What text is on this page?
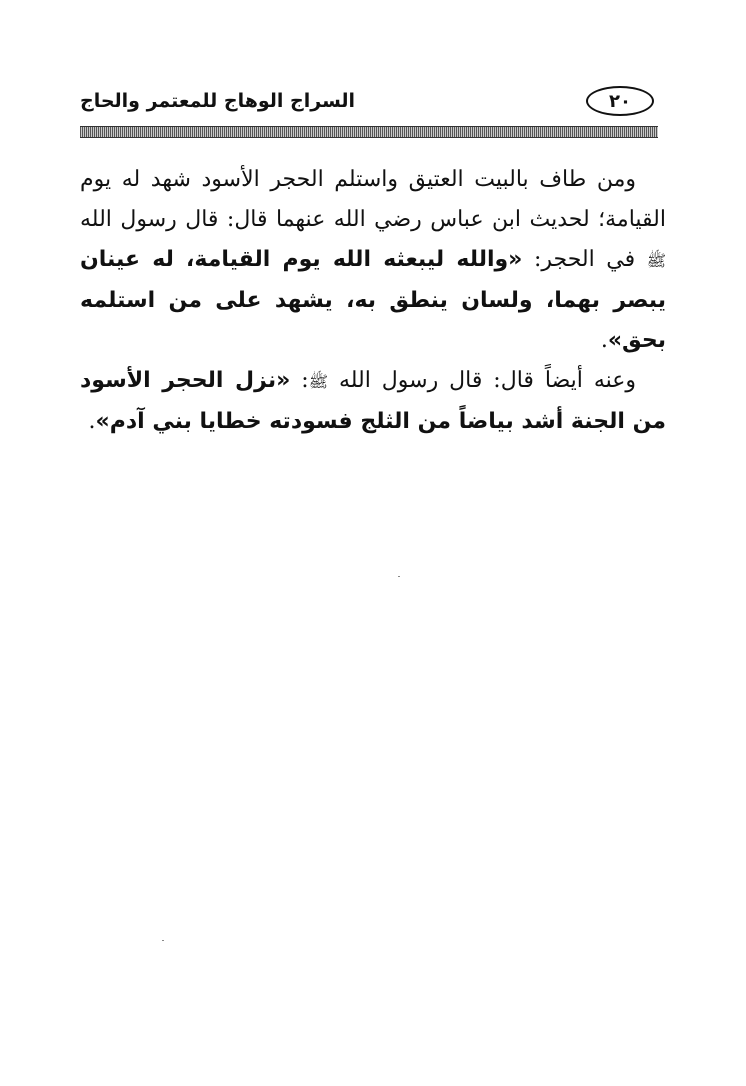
السراج الوهاج للمعتمر والحاج	٢٠

ومن طاف بالبيت العتيق واستلم الحجر الأسود شهد له يوم القيامة؛ لحديث ابن عباس رضي الله عنهما قال: قال رسول الله ﷺ في الحجر: «والله ليبعثه الله يوم القيامة، له عينان يبصر بهما، ولسان ينطق به، يشهد على من استلمه بحق».

وعنه أيضاً قال: قال رسول الله ﷺ: «نزل الحجر الأسود من الجنة أشد بياضاً من الثلج فسودته خطايا بني آدم».
